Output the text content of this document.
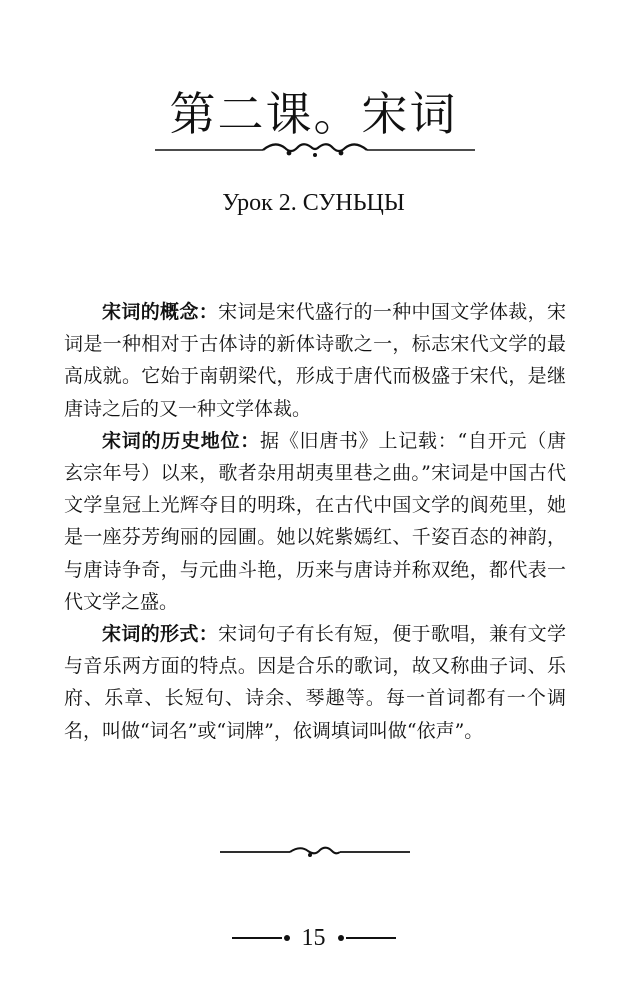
第二课。宋词
Урок 2. СУНЬЦЫ

宋词的概念：宋词是宋代盛行的一种中国文学体裁，宋词是一种相对于古体诗的新体诗歌之一，标志宋代文学的最高成就。它始于南朝梁代，形成于唐代而极盛于宋代，是继唐诗之后的又一种文学体裁。

宋词的历史地位：据《旧唐书》上记载：“自开元（唐玄宗年号）以来，歌者杂用胡夷里巷之曲。”宋词是中国古代文学皇冠上光辉夺目的明珠，在古代中国文学的阆苑里，她是一座芬芳绚丽的园圃。她以姹紫嫣红、千姿百态的神韵，与唐诗争奇，与元曲斗艳，历来与唐诗并称双绝，都代表一代文学之盛。

宋词的形式：宋词句子有长有短，便于歌唱，兼有文学与音乐两方面的特点。因是合乐的歌词，故又称曲子词、乐府、乐章、长短句、诗余、琴趣等。每一首词都有一个调名，叫做“词名”或“词牌”，依调填词叫做“依声”。

15
